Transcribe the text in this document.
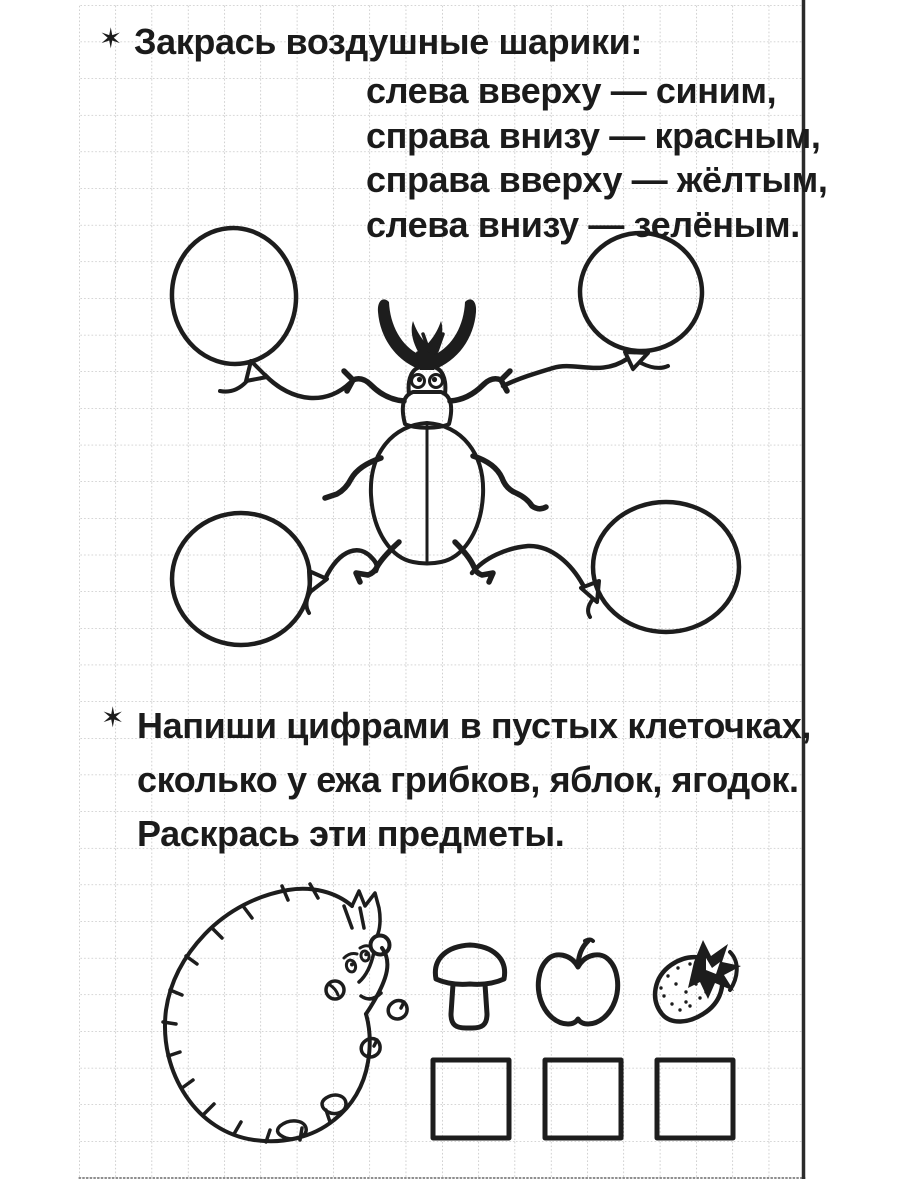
✶ Закрась воздушные шарики:
слева вверху — синим,
справа внизу — красным,
справа вверху — жёлтым,
слева внизу — зелёным.
✶ Напиши цифрами в пустых клеточках,
сколько у ежа грибков, яблок, ягодок.
Раскрась эти предметы.
